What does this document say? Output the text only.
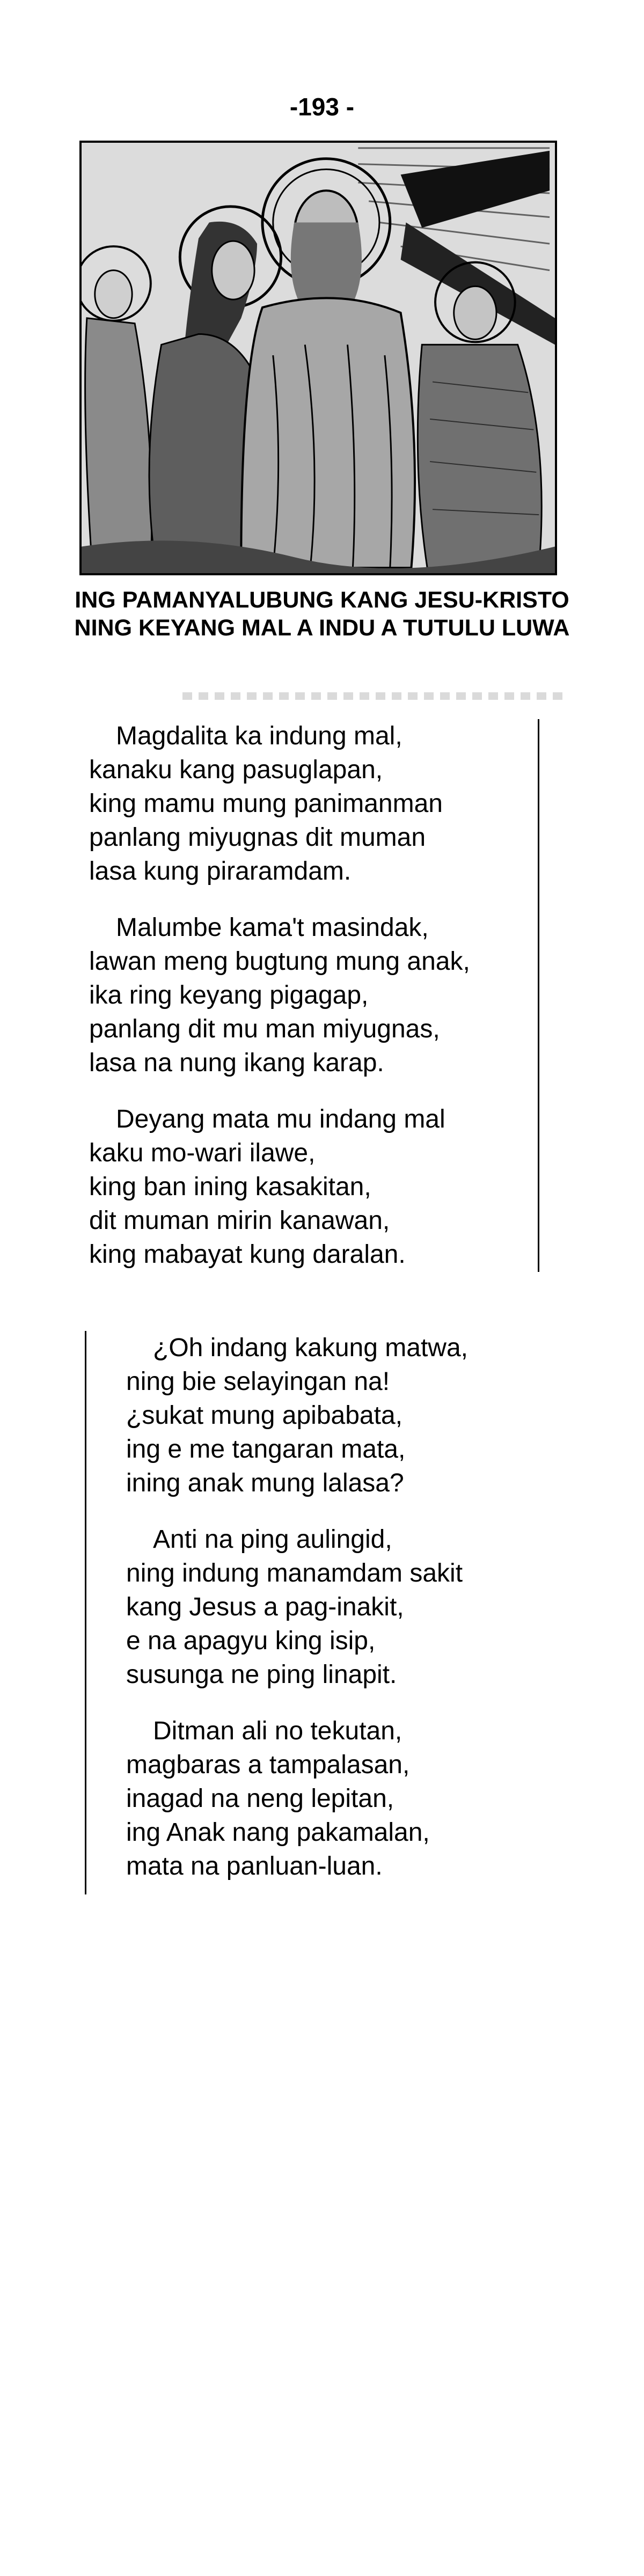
-193 -
ING PAMANYALUBUNG KANG JESU-KRISTO
NING KEYANG MAL A INDU A TUTULU LUWA
Magdalita ka indung mal,
kanaku kang pasuglapan,
king mamu mung panimanman
panlang miyugnas dit muman
lasa kung piraramdam.
Malumbe kama't masindak,
lawan meng bugtung mung anak,
ika ring keyang pigagap,
panlang dit mu man miyugnas,
lasa na nung ikang karap.
Deyang mata mu indang mal
kaku mo-wari ilawe,
king ban ining kasakitan,
dit muman mirin kanawan,
king mabayat kung daralan.
¿Oh indang kakung matwa,
ning bie selayingan na!
¿sukat mung apibabata,
ing e me tangaran mata,
ining anak mung lalasa?
Anti na ping aulingid,
ning indung manamdam sakit
kang Jesus a pag-inakit,
e na apagyu king isip,
susunga ne ping linapit.
Ditman ali no tekutan,
magbaras a tampalasan,
inagad na neng lepitan,
ing Anak nang pakamalan,
mata na panluan-luan.
